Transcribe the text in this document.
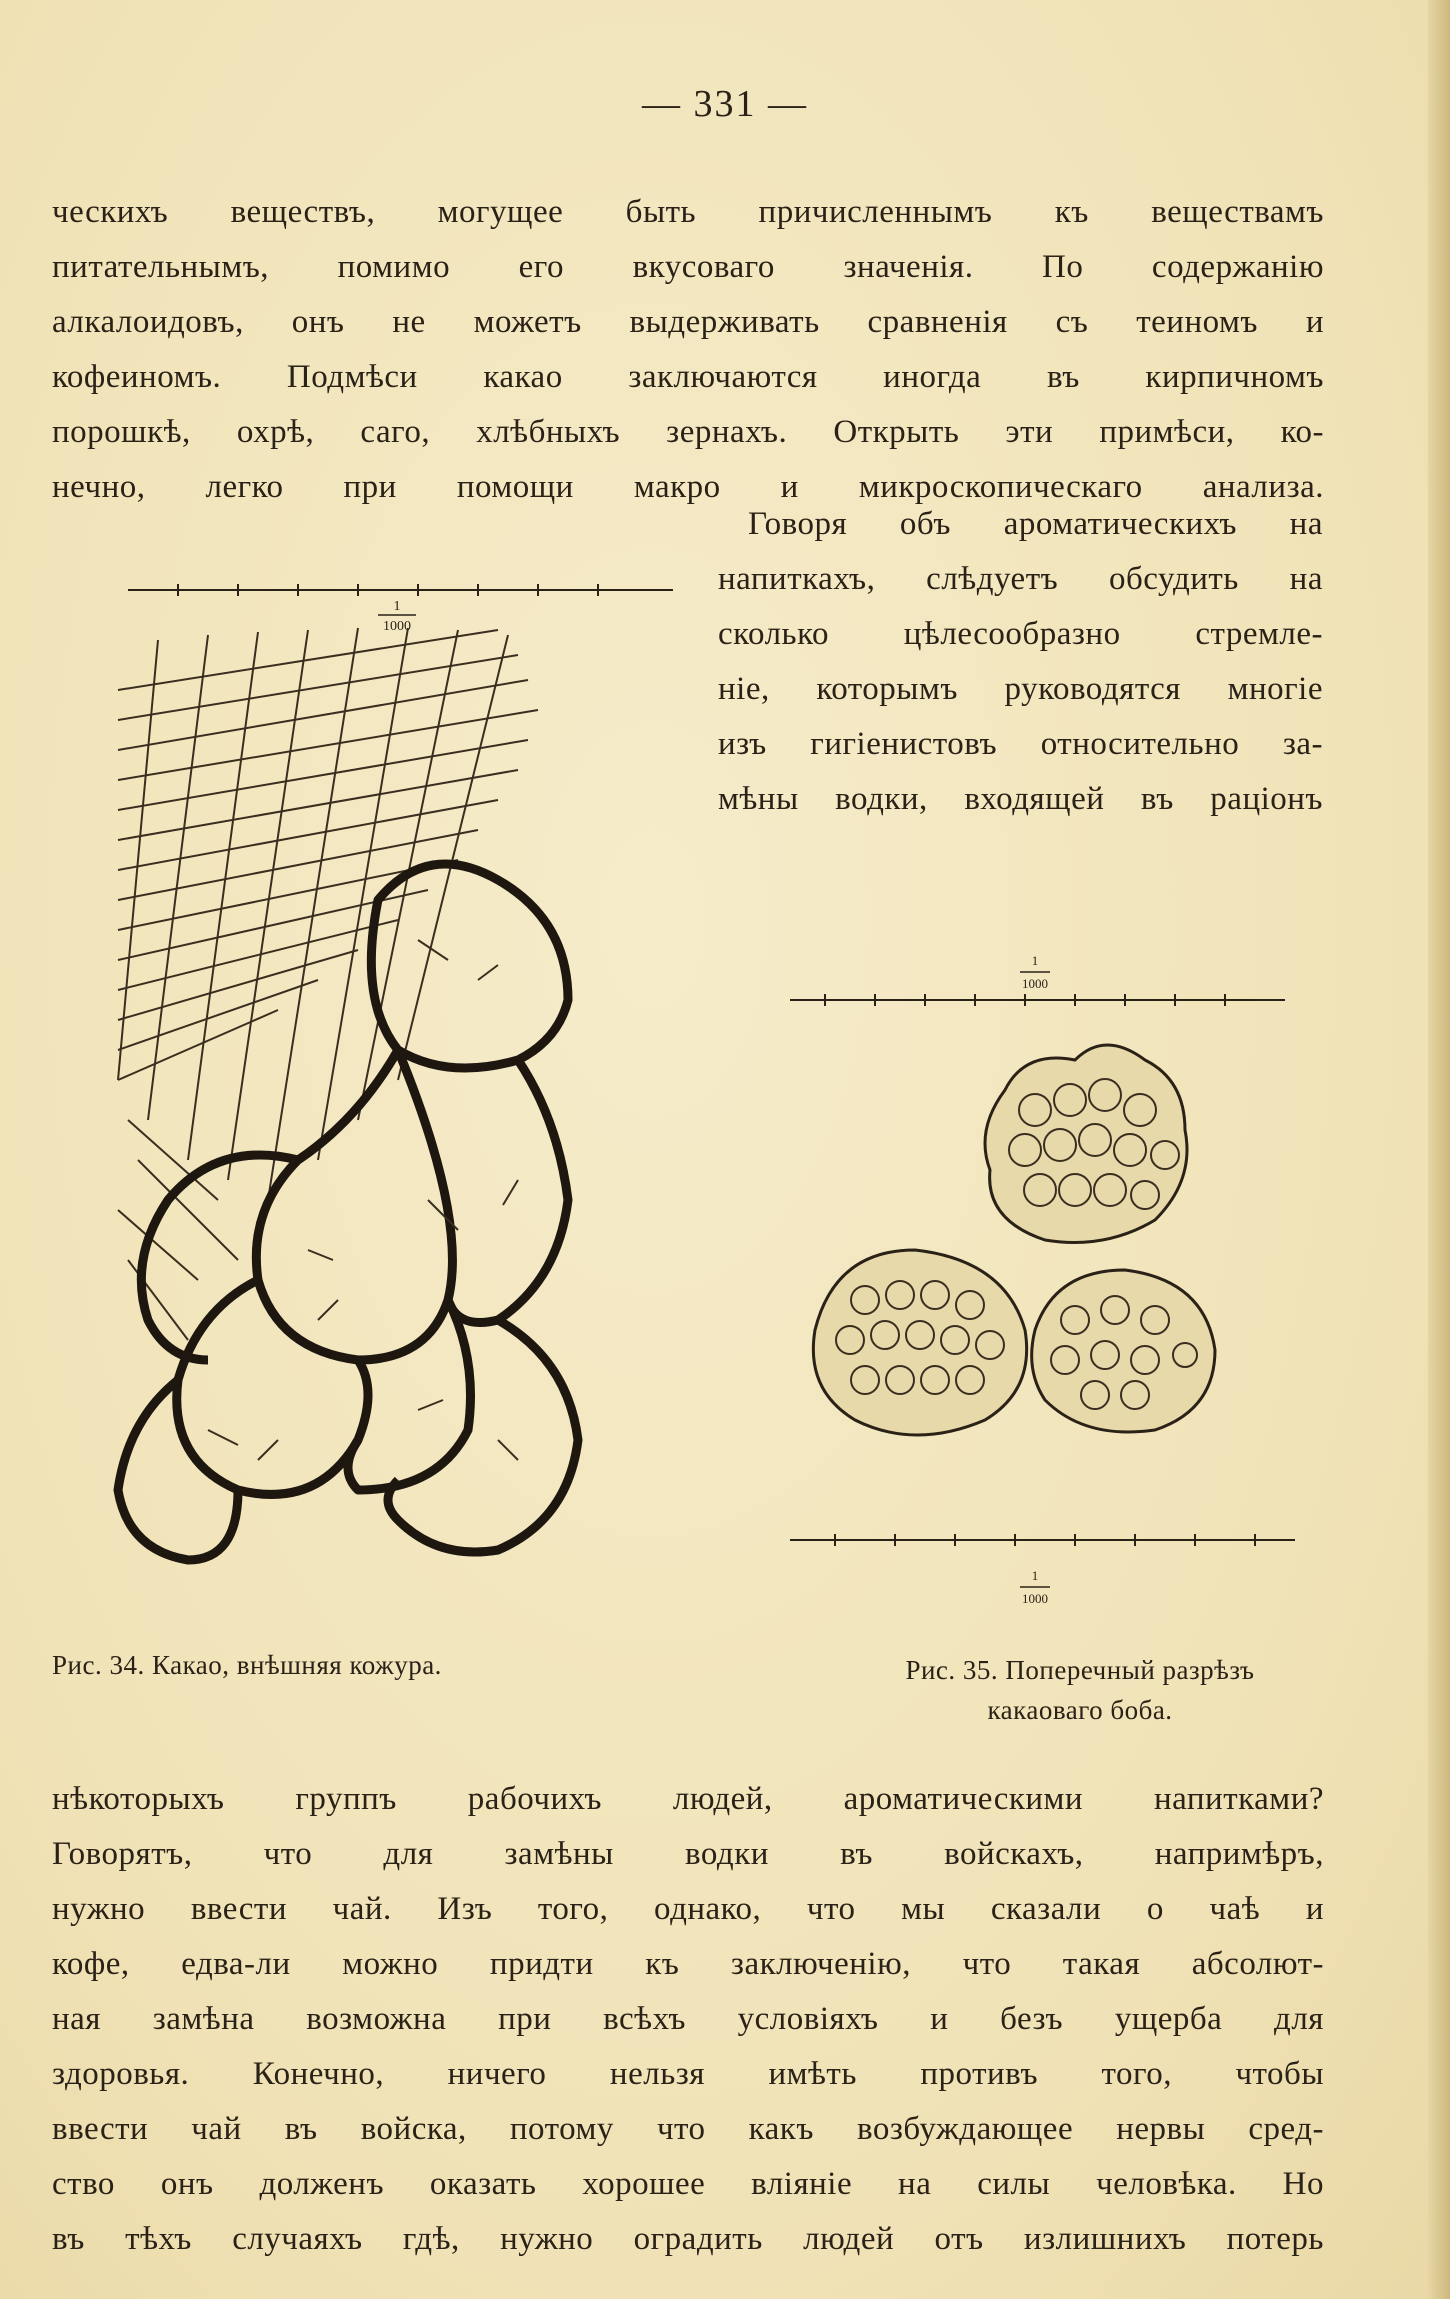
— 331 —
ческихъ веществъ, могущее быть причисленнымъ къ веществамъ
питательнымъ, помимо его вкусоваго значенія. По содержанію
алкалоидовъ, онъ не можетъ выдерживать сравненія съ теиномъ и
кофеиномъ. Подмѣси какао заключаются иногда въ кирпичномъ
порошкѣ, охрѣ, саго, хлѣбныхъ зернахъ. Открыть эти примѣси, ко-
нечно, легко при помощи макро и микроскопическаго анализа.
Говоря объ ароматическихъ на
напиткахъ, слѣдуетъ обсудить на
сколько цѣлесообразно стремле-
ніе, которымъ руководятся многіе
изъ гигіенистовъ относительно за-
мѣны водки, входящей въ раціонъ
1
1000
Рис. 34. Какао, внѣшняя кожура.
1
1000
1
1000
Рис. 35. Поперечный разрѣзъ
какаоваго боба.
нѣкоторыхъ группъ рабочихъ людей, ароматическими напитками?
Говорятъ, что для замѣны водки въ войскахъ, напримѣръ,
нужно ввести чай. Изъ того, однако, что мы сказали о чаѣ и
кофе, едва-ли можно придти къ заключенію, что такая абсолют-
ная замѣна возможна при всѣхъ условіяхъ и безъ ущерба для
здоровья. Конечно, ничего нельзя имѣть противъ того, чтобы
ввести чай въ войска, потому что какъ возбуждающее нервы сред-
ство онъ долженъ оказать хорошее вліяніе на силы человѣка. Но
въ тѣхъ случаяхъ гдѣ, нужно оградить людей отъ излишнихъ потерь
